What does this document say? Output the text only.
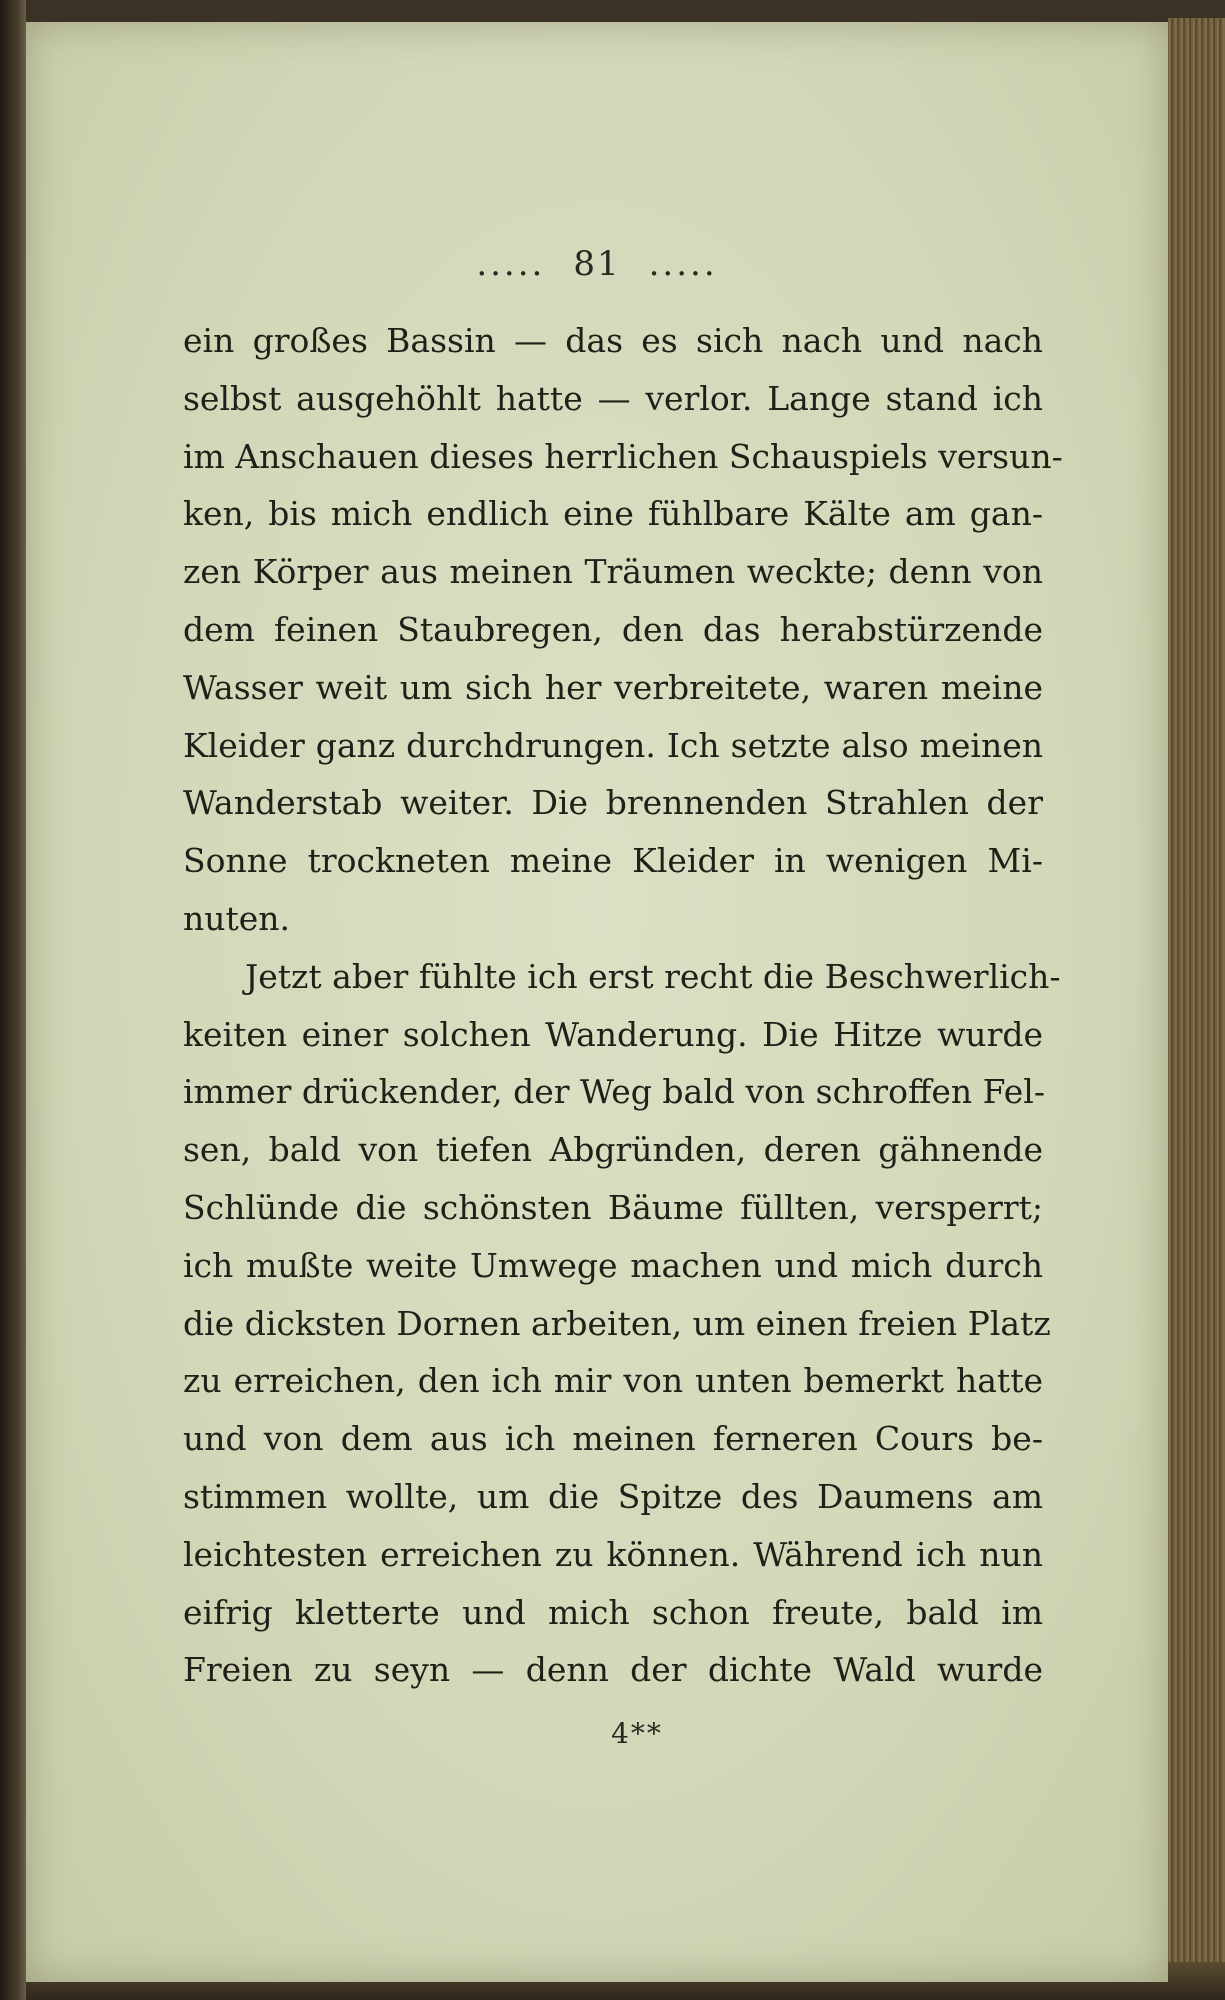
..... 81 .....
ein großes Bassin — das es sich nach und nach
selbst ausgehöhlt hatte — verlor. Lange stand ich
im Anschauen dieses herrlichen Schauspiels versun-
ken, bis mich endlich eine fühlbare Kälte am gan-
zen Körper aus meinen Träumen weckte; denn von
dem feinen Staubregen, den das herabstürzende
Wasser weit um sich her verbreitete, waren meine
Kleider ganz durchdrungen. Ich setzte also meinen
Wanderstab weiter. Die brennenden Strahlen der
Sonne trockneten meine Kleider in wenigen Mi-
nuten.
Jetzt aber fühlte ich erst recht die Beschwerlich-
keiten einer solchen Wanderung. Die Hitze wurde
immer drückender, der Weg bald von schroffen Fel-
sen, bald von tiefen Abgründen, deren gähnende
Schlünde die schönsten Bäume füllten, versperrt;
ich mußte weite Umwege machen und mich durch
die dicksten Dornen arbeiten, um einen freien Platz
zu erreichen, den ich mir von unten bemerkt hatte
und von dem aus ich meinen ferneren Cours be-
stimmen wollte, um die Spitze des Daumens am
leichtesten erreichen zu können. Während ich nun
eifrig kletterte und mich schon freute, bald im
Freien zu seyn — denn der dichte Wald wurde
4**
